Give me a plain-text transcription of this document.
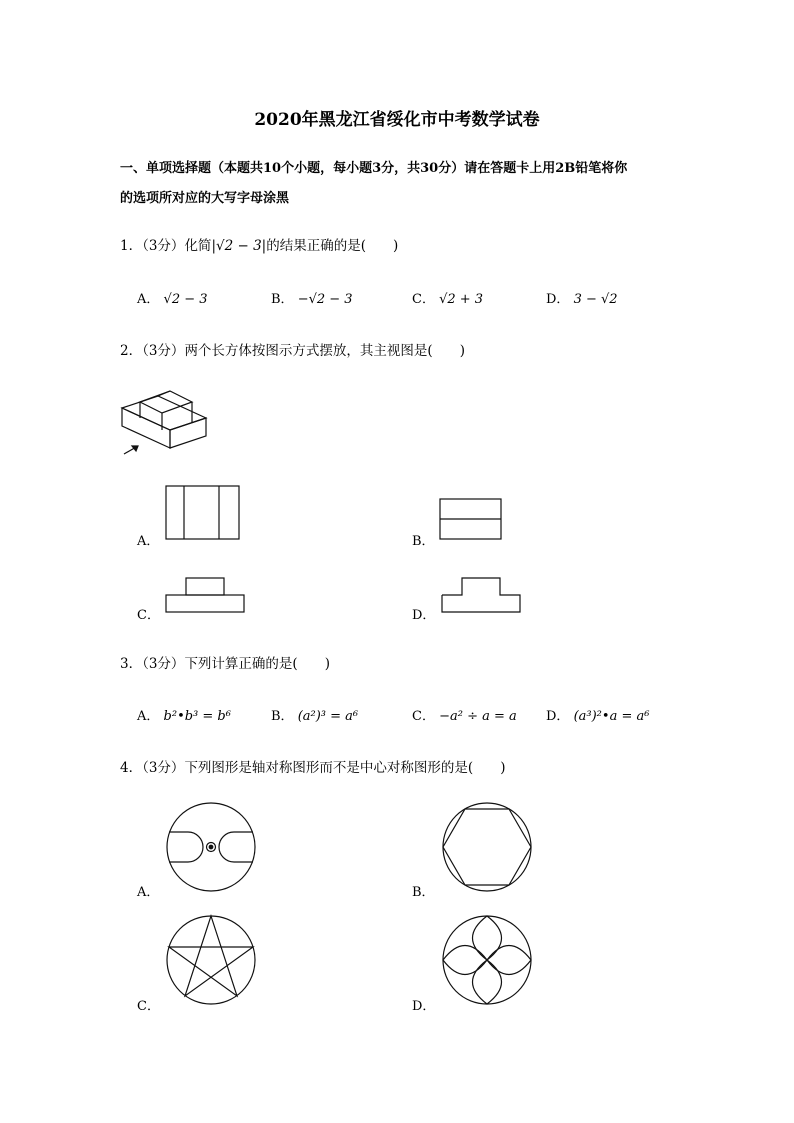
2020年黑龙江省绥化市中考数学试卷
一、单项选择题（本题共10个小题，每小题3分，共30分）请在答题卡上用2B铅笔将你
的选项所对应的大写字母涂黑
1．（3分）化简|√2 − 3|的结果正确的是(　　)
A． √2 − 3	B． −√2 − 3	C． √2 + 3	D． 3 − √2
2．（3分）两个长方体按图示方式摆放，其主视图是(　　)
A．	B．
C．	D．
3．（3分）下列计算正确的是(　　)
A． b²•b³ = b⁶	B． (a²)³ = a⁶	C． −a² ÷ a = a D． (a³)²•a = a⁶
4．（3分）下列图形是轴对称图形而不是中心对称图形的是(　　)
A．	B．
C．	D．
